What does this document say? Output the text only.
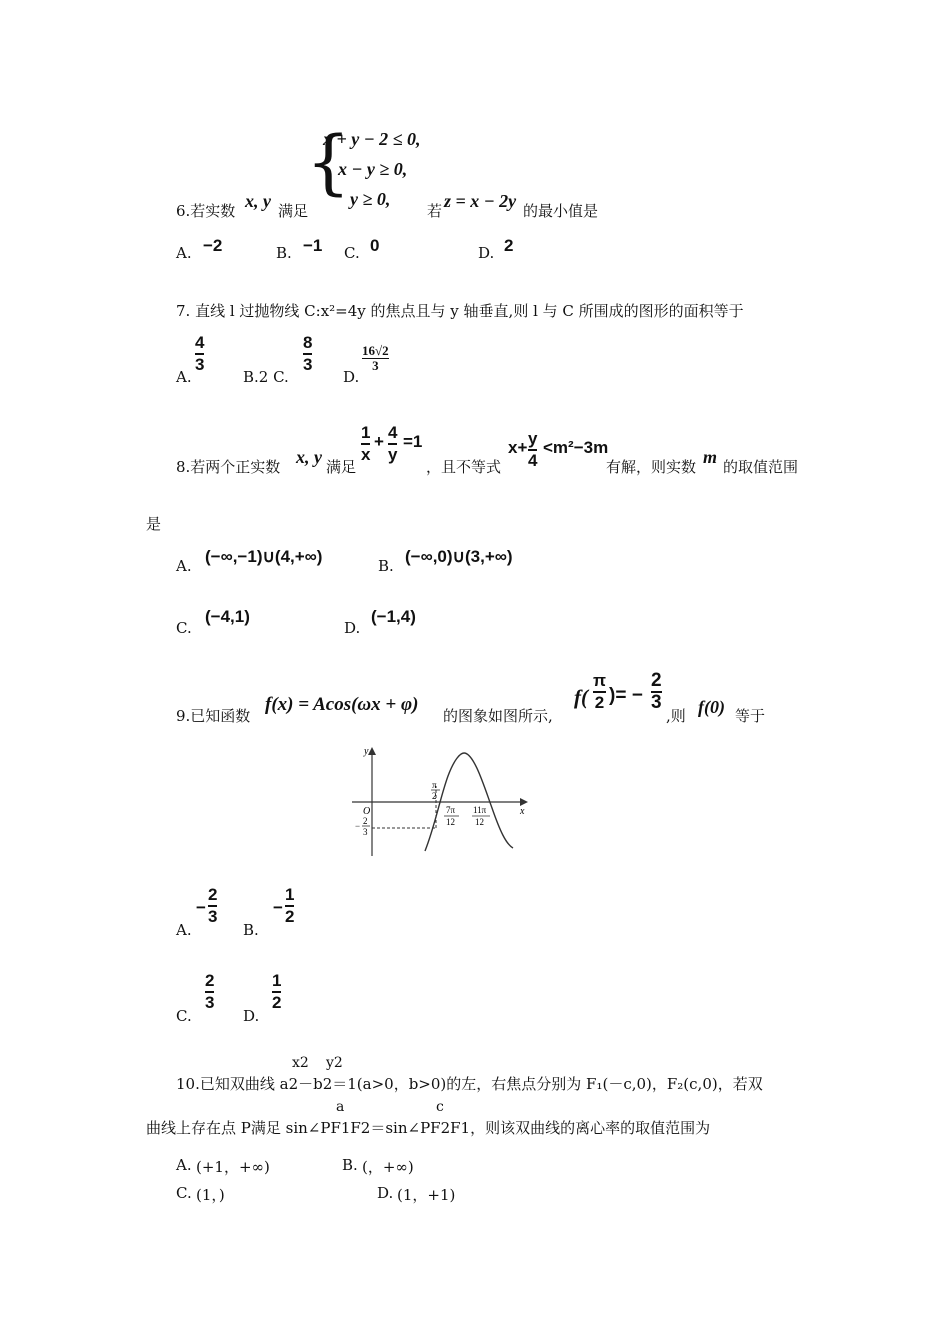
6.若实数 x, y 满足
{
x + y − 2 ≤ 0,
x − y ≥ 0,
y ≥ 0,
若 z = x − 2y 的最小值是
A. −2	B. −1 C. 0	D. 2
7. 直线 l 过抛物线 C:x²=4y 的焦点且与 y 轴垂直,则 l 与 C 所围成的图形的面积等于
A.
4
3
B.2 C.
8
3
D.
16√2
3
8.若两个正实数 x, y 满足
1
x
+ 4
y
=1
，且不等式
x+ y
4
<m²−3m
有解，则实数 m 的取值范围
是
A. (−∞,−1)∪(4,+∞)	B. (−∞,0)∪(3,+∞)
C.
(−4,1)
D.
(−1,4)
9.已知函数
f(x) = Acos(ωx + φ)
的图象如图所示,
f(
π
2 )= −
2
3
,则 f(0) 等于
y
x
O
π
2
− 2
3
7π
12
11π
12
A.
−
2
3
B.
−
1
2
C.
2
3
D.
1
2
x2 y2
10.已知双曲线 a2－b2＝1(a>0，b>0)的左，右焦点分别为 F₁(－c,0)，F₂(c,0)，若双
a	c
曲线上存在点 P满足 sin∠PF1F2＝sin∠PF2F1，则该双曲线的离心率的取值范围为
A. (+1，+∞)	B. (，+∞)
C. (1，)	D. (1，+1)
